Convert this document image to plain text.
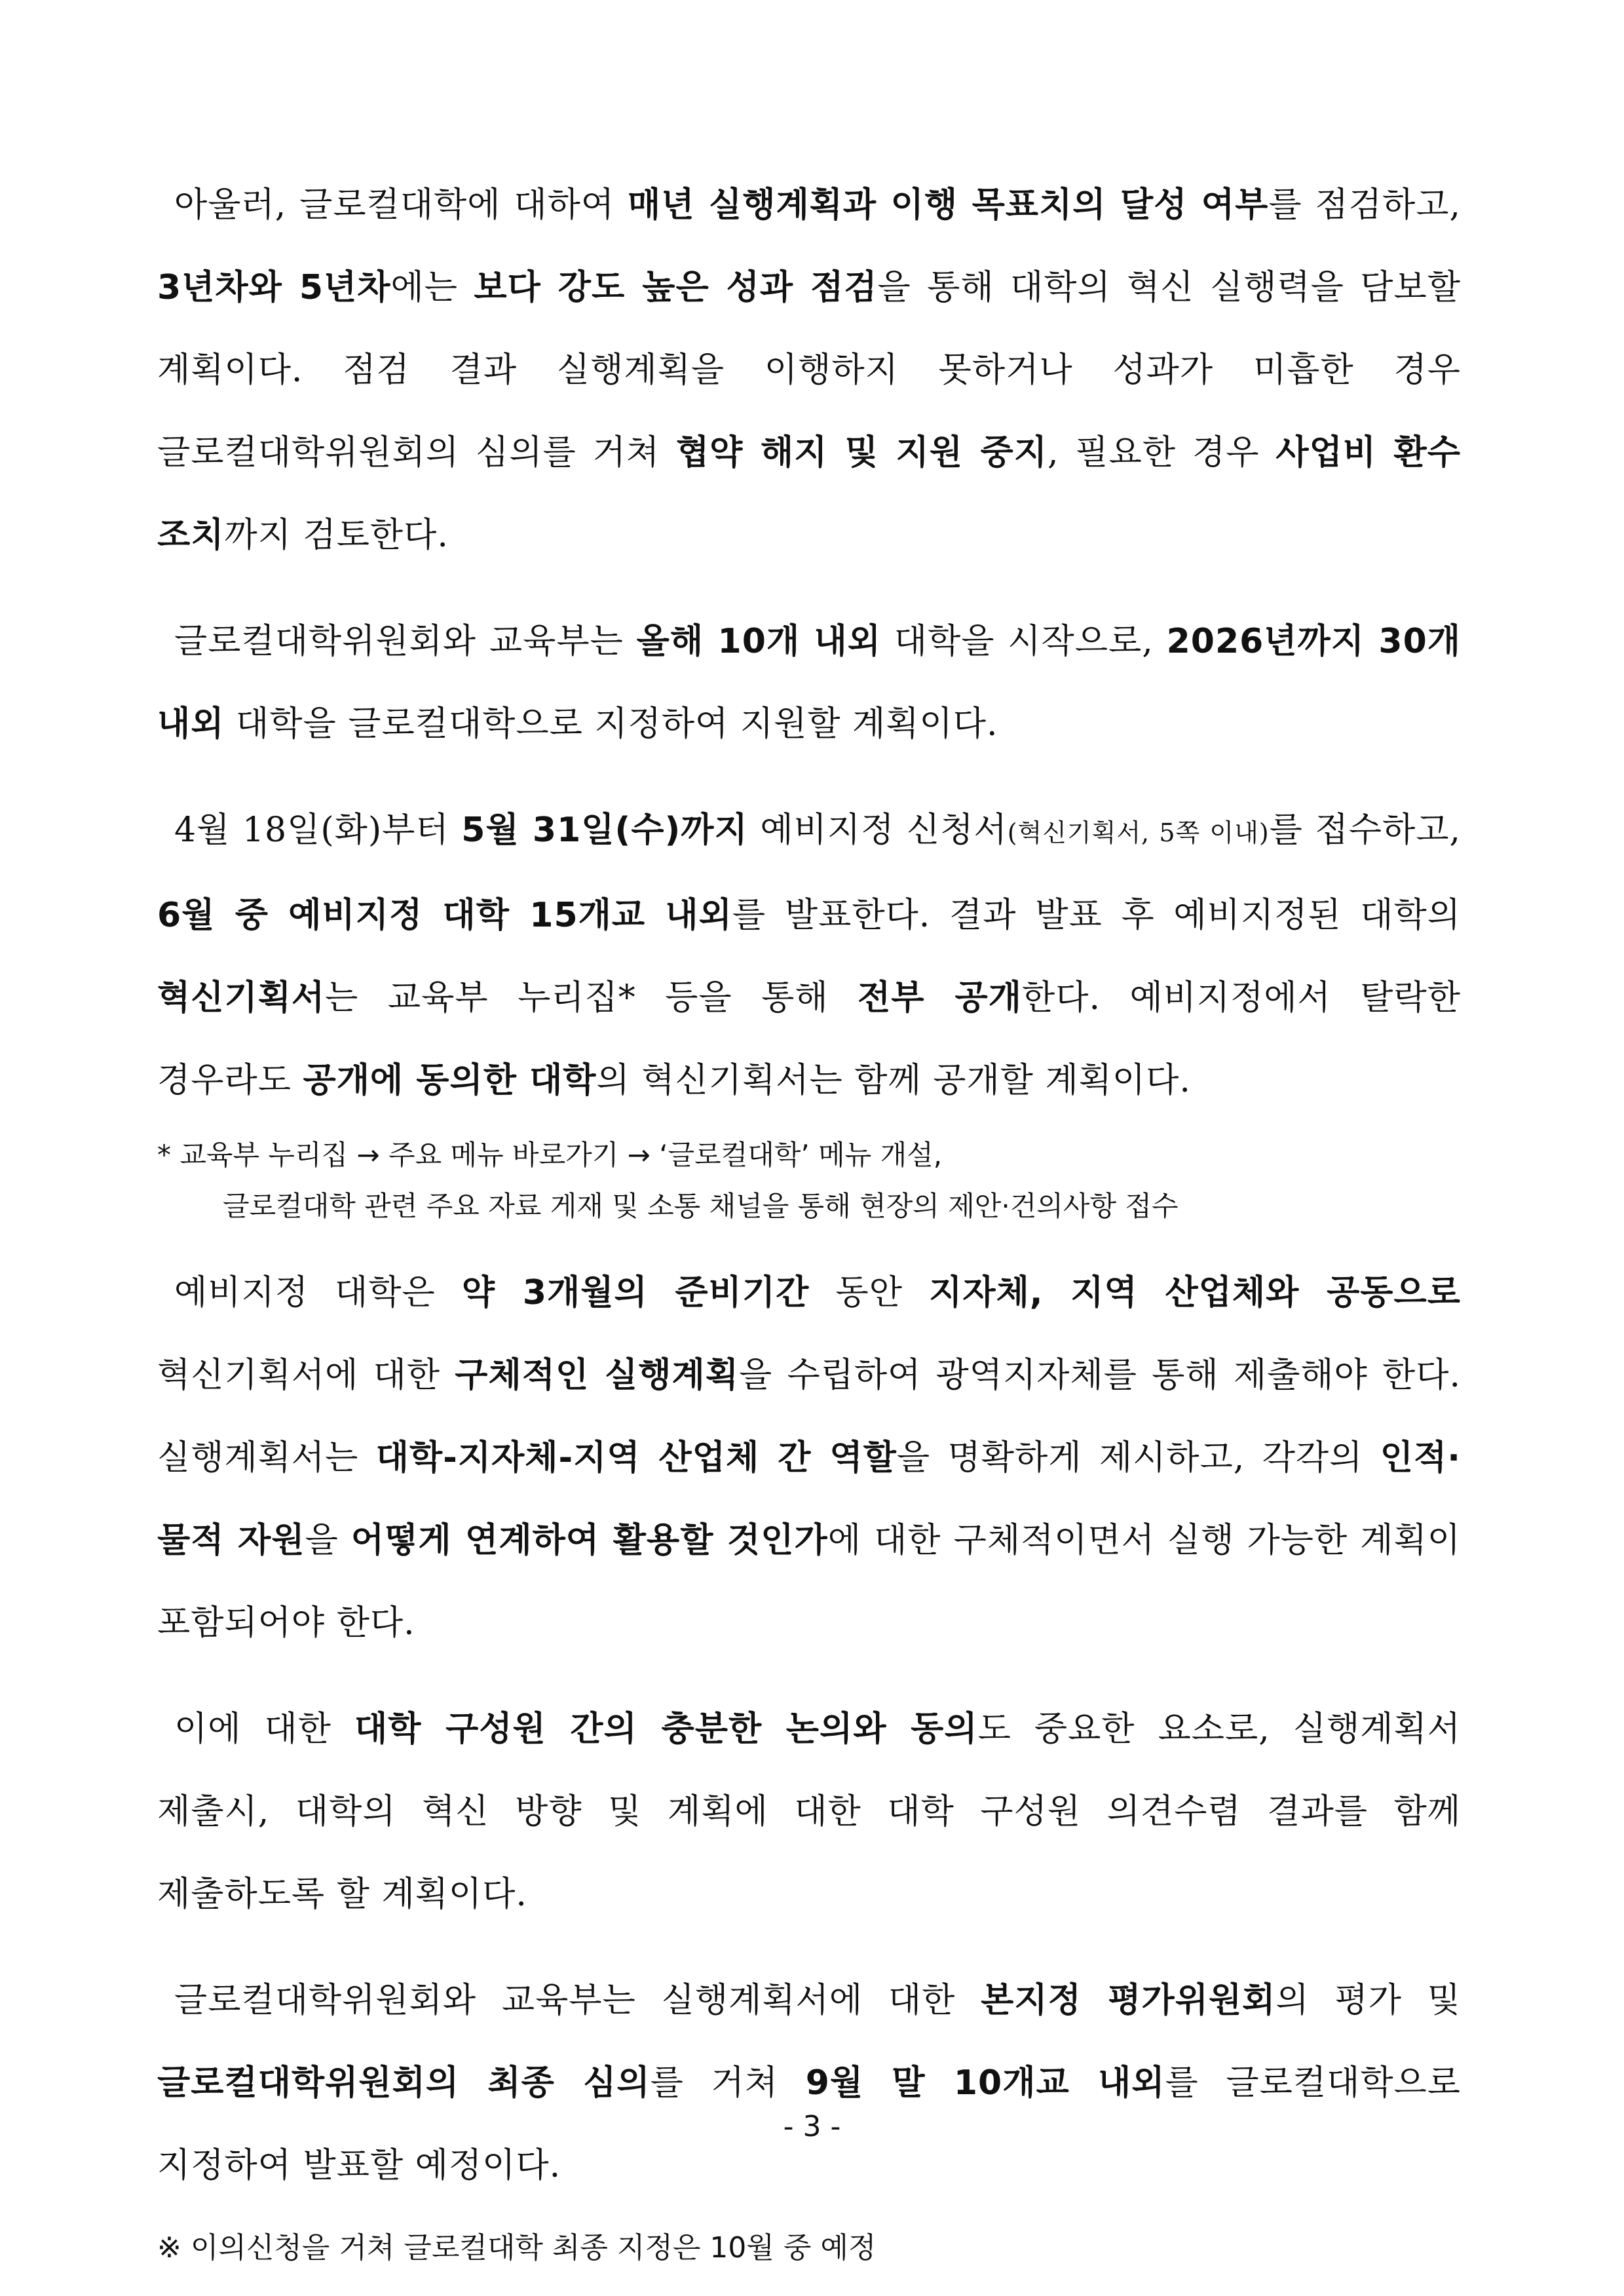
아울러, 글로컬대학에 대하여 매년 실행계획과 이행 목표치의 달성 여부를 점검하고, 3년차와 5년차에는 보다 강도 높은 성과 점검을 통해 대학의 혁신 실행력을 담보할 계획이다. 점검 결과 실행계획을 이행하지 못하거나 성과가 미흡한 경우 글로컬대학위원회의 심의를 거쳐 협약 해지 및 지원 중지, 필요한 경우 사업비 환수 조치까지 검토한다.

글로컬대학위원회와 교육부는 올해 10개 내외 대학을 시작으로, 2026년까지 30개 내외 대학을 글로컬대학으로 지정하여 지원할 계획이다.

4월 18일(화)부터 5월 31일(수)까지 예비지정 신청서(혁신기획서, 5쪽 이내)를 접수하고, 6월 중 예비지정 대학 15개교 내외를 발표한다. 결과 발표 후 예비지정된 대학의 혁신기획서는 교육부 누리집* 등을 통해 전부 공개한다. 예비지정에서 탈락한 경우라도 공개에 동의한 대학의 혁신기획서는 함께 공개할 계획이다.

* 교육부 누리집 → 주요 메뉴 바로가기 → ‘글로컬대학’ 메뉴 개설,
글로컬대학 관련 주요 자료 게재 및 소통 채널을 통해 현장의 제안·건의사항 접수

예비지정 대학은 약 3개월의 준비기간 동안 지자체, 지역 산업체와 공동으로 혁신기획서에 대한 구체적인 실행계획을 수립하여 광역지자체를 통해 제출해야 한다. 실행계획서는 대학-지자체-지역 산업체 간 역할을 명확하게 제시하고, 각각의 인적·물적 자원을 어떻게 연계하여 활용할 것인가에 대한 구체적이면서 실행 가능한 계획이 포함되어야 한다.

이에 대한 대학 구성원 간의 충분한 논의와 동의도 중요한 요소로, 실행계획서 제출시, 대학의 혁신 방향 및 계획에 대한 대학 구성원 의견수렴 결과를 함께 제출하도록 할 계획이다.

글로컬대학위원회와 교육부는 실행계획서에 대한 본지정 평가위원회의 평가 및 글로컬대학위원회의 최종 심의를 거쳐 9월 말 10개교 내외를 글로컬대학으로 지정하여 발표할 예정이다.

※ 이의신청을 거쳐 글로컬대학 최종 지정은 10월 중 예정
- 3 -
